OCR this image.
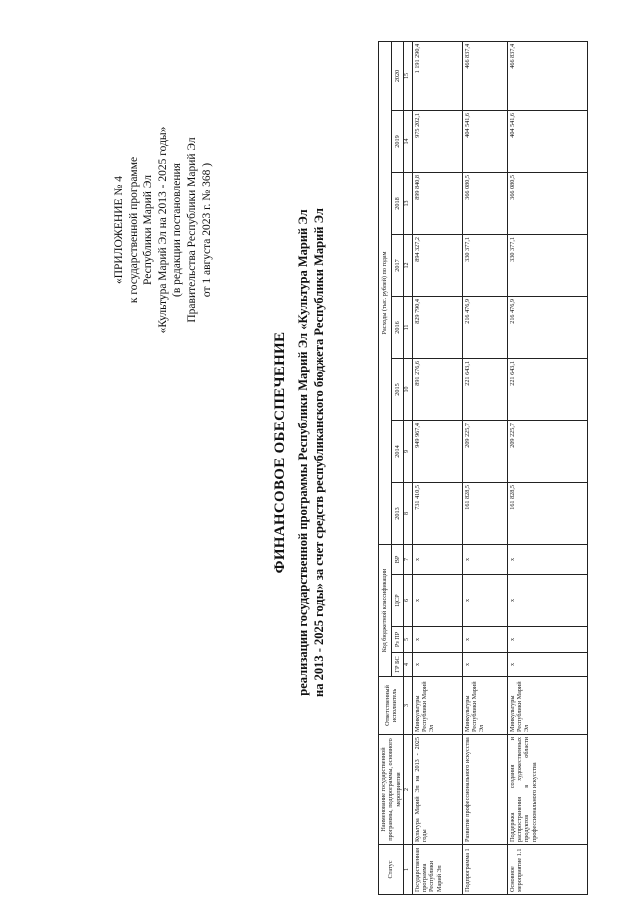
«ПРИЛОЖЕНИЕ № 4 к государственной программе Республики Марий Эл «Культура Марий Эл на 2013 - 2025 годы» (в редакции постановления Правительства Республики Марий Эл от 1 августа 2023 г. № 368 )
ФИНАНСОВОЕ ОБЕСПЕЧЕНИЕ реализации государственной программы Республики Марий Эл «Культура Марий Эл на 2013 - 2025 годы» за счет средств республиканского бюджета Республики Марий Эл
Статус	Наименование государственной программы, подпрограммы, основного мероприятия	Ответственный исполнитель	Код бюджетной классификации				Расходы (тыс. рублей) по годам							
			ГР БС	Рз ПР	ЦСР	ВР	2013	2014	2015	2016	2017	2018	2019	2020
1	2	3	4	5	6	7	8	9	10	11	12	13	14	15
Государственная программа Республики Марий Эл	Культура Марий Эл на 2013 - 2025 годы	Минкультуры Республики Марий Эл	x	x	x	x	731 410,5	949 967,4	891 276,6	829 790,4	894 327,2	899 840,8	975 202,1	1 191 290,4
Подпрограмма 1	Развитие профессионального искусства	Минкультуры Республики Марий Эл	x	x	x	x	161 828,5	209 225,7	221 643,1	216 476,9	330 377,1	366 080,5	404 541,6	466 837,4
Основное мероприятие 1.1	Поддержка создания и распространения художественных продуктов в области профессионального искусства	Минкультуры Республики Марий Эл	x	x	x	x	161 828,5	209 225,7	221 643,1	216 476,9	330 377,1	366 080,5	404 541,6	466 837,4
